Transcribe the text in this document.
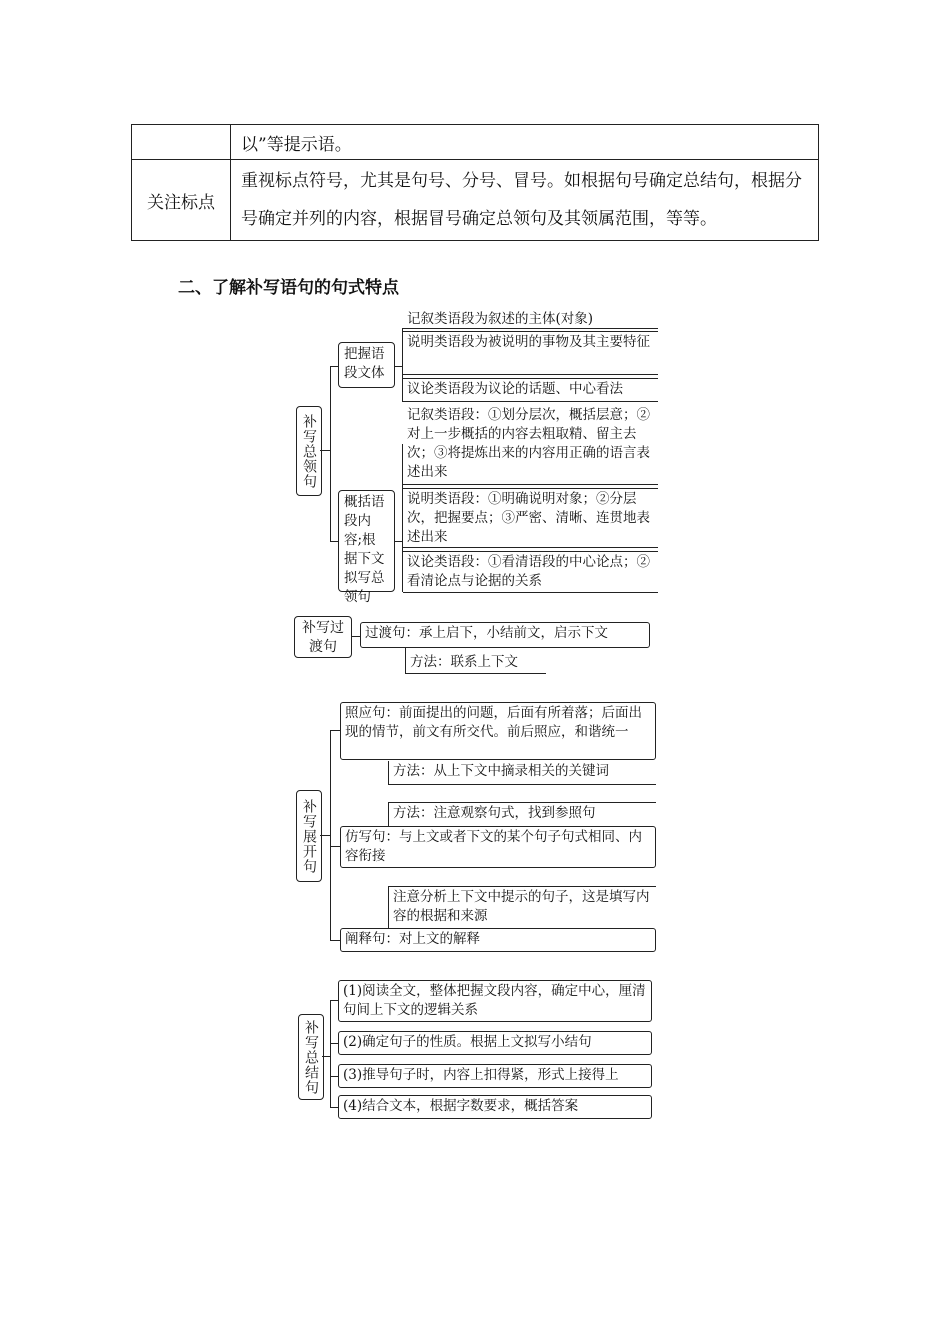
	以”等提示语。
关注标点	重视标点符号，尤其是句号、分号、冒号。如根据句号确定总结句，根据分号确定并列的内容，根据冒号确定总领句及其领属范围，等等。
二、了解补写语句的句式特点
补写总领句
把握语段文体
记叙类语段为叙述的主体(对象)
说明类语段为被说明的事物及其主要特征
议论类语段为议论的话题、中心看法
概括语段内容;根据下文拟写总领句
记叙类语段：①划分层次，概括层意；②对上一步概括的内容去粗取精、留主去次；③将提炼出来的内容用正确的语言表述出来
说明类语段：①明确说明对象；②分层次，把握要点；③严密、清晰、连贯地表述出来
议论类语段：①看清语段的中心论点；②看清论点与论据的关系
补写过渡句
过渡句：承上启下，小结前文，启示下文
方法：联系上下文
补写展开句
照应句：前面提出的问题，后面有所着落；后面出现的情节，前文有所交代。前后照应，和谐统一
方法：从上下文中摘录相关的关键词
方法：注意观察句式，找到参照句
仿写句：与上文或者下文的某个句子句式相同、内容衔接
注意分析上下文中提示的句子，这是填写内容的根据和来源
阐释句：对上文的解释
补写总结句
(1)阅读全文，整体把握文段内容，确定中心，厘清句间上下文的逻辑关系
(2)确定句子的性质。根据上文拟写小结句
(3)推导句子时，内容上扣得紧，形式上接得上
(4)结合文本，根据字数要求，概括答案
